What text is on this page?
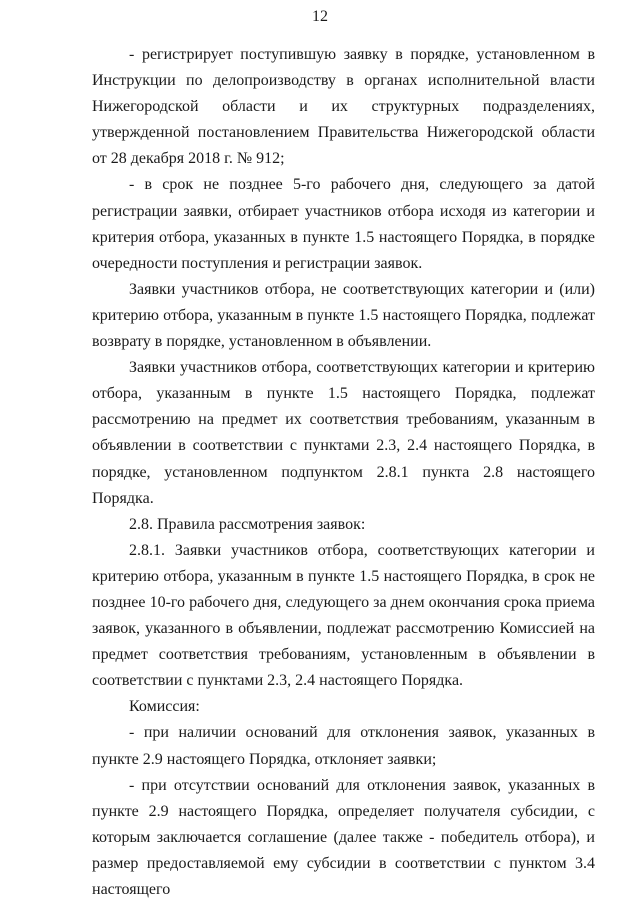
12

- регистрирует поступившую заявку в порядке, установленном в Инструкции по делопроизводству в органах исполнительной власти Нижегородской области и их структурных подразделениях, утвержденной постановлением Правительства Нижегородской области от 28 декабря 2018 г. № 912;

- в срок не позднее 5-го рабочего дня, следующего за датой регистрации заявки, отбирает участников отбора исходя из категории и критерия отбора, указанных в пункте 1.5 настоящего Порядка, в порядке очередности поступления и регистрации заявок.

Заявки участников отбора, не соответствующих категории и (или) критерию отбора, указанным в пункте 1.5 настоящего Порядка, подлежат возврату в порядке, установленном в объявлении.

Заявки участников отбора, соответствующих категории и критерию отбора, указанным в пункте 1.5 настоящего Порядка, подлежат рассмотрению на предмет их соответствия требованиям, указанным в объявлении в соответствии с пунктами 2.3, 2.4 настоящего Порядка, в порядке, установленном подпунктом 2.8.1 пункта 2.8 настоящего Порядка.

2.8. Правила рассмотрения заявок:

2.8.1. Заявки участников отбора, соответствующих категории и критерию отбора, указанным в пункте 1.5 настоящего Порядка, в срок не позднее 10-го рабочего дня, следующего за днем окончания срока приема заявок, указанного в объявлении, подлежат рассмотрению Комиссией на предмет соответствия требованиям, установленным в объявлении в соответствии с пунктами 2.3, 2.4 настоящего Порядка.

Комиссия:

- при наличии оснований для отклонения заявок, указанных в пункте 2.9 настоящего Порядка, отклоняет заявки;

- при отсутствии оснований для отклонения заявок, указанных в пункте 2.9 настоящего Порядка, определяет получателя субсидии, с которым заключается соглашение (далее также - победитель отбора), и размер предоставляемой ему субсидии в соответствии с пунктом 3.4 настоящего
